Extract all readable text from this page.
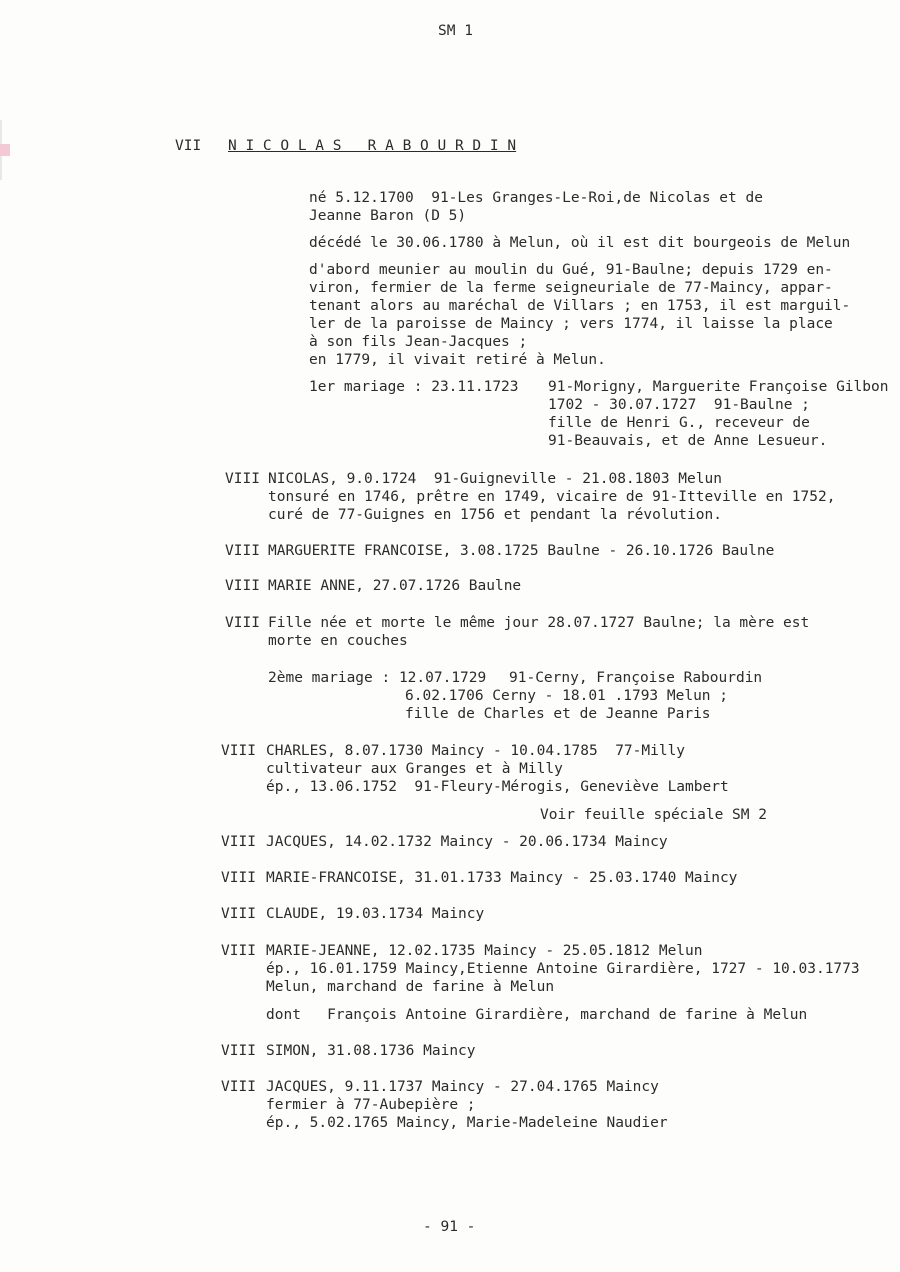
SM 1
VII N I C O L A S   R A B O U R D I N
né 5.12.1700  91-Les Granges-Le-Roi,de Nicolas et de
Jeanne Baron (D 5)
décédé le 30.06.1780 à Melun, où il est dit bourgeois de Melun
d'abord meunier au moulin du Gué, 91-Baulne; depuis 1729 en-
viron, fermier de la ferme seigneuriale de 77-Maincy, appar-
tenant alors au maréchal de Villars ; en 1753, il est marguil-
ler de la paroisse de Maincy ; vers 1774, il laisse la place
à son fils Jean-Jacques ;
en 1779, il vivait retiré à Melun.
1er mariage : 23.11.1723 91-Morigny, Marguerite Françoise Gilbon
1702 - 30.07.1727  91-Baulne ;
fille de Henri G., receveur de
91-Beauvais, et de Anne Lesueur.
VIII NICOLAS, 9.0.1724  91-Guigneville - 21.08.1803 Melun
tonsuré en 1746, prêtre en 1749, vicaire de 91-Itteville en 1752,
curé de 77-Guignes en 1756 et pendant la révolution.
VIII MARGUERITE FRANCOISE, 3.08.1725 Baulne - 26.10.1726 Baulne
VIII MARIE ANNE, 27.07.1726 Baulne
VIII Fille née et morte le même jour 28.07.1727 Baulne; la mère est
morte en couches
2ème mariage : 12.07.1729 91-Cerny, Françoise Rabourdin
6.02.1706 Cerny - 18.01 .1793 Melun ;
fille de Charles et de Jeanne Paris
VIII CHARLES, 8.07.1730 Maincy - 10.04.1785  77-Milly
cultivateur aux Granges et à Milly
ép., 13.06.1752  91-Fleury-Mérogis, Geneviève Lambert
Voir feuille spéciale SM 2
VIII JACQUES, 14.02.1732 Maincy - 20.06.1734 Maincy
VIII MARIE-FRANCOISE, 31.01.1733 Maincy - 25.03.1740 Maincy
VIII CLAUDE, 19.03.1734 Maincy
VIII MARIE-JEANNE, 12.02.1735 Maincy - 25.05.1812 Melun
ép., 16.01.1759 Maincy,Etienne Antoine Girardière, 1727 - 10.03.1773
Melun, marchand de farine à Melun
dont   François Antoine Girardière, marchand de farine à Melun
VIII SIMON, 31.08.1736 Maincy
VIII JACQUES, 9.11.1737 Maincy - 27.04.1765 Maincy
fermier à 77-Aubepière ;
ép., 5.02.1765 Maincy, Marie-Madeleine Naudier
- 91 -
